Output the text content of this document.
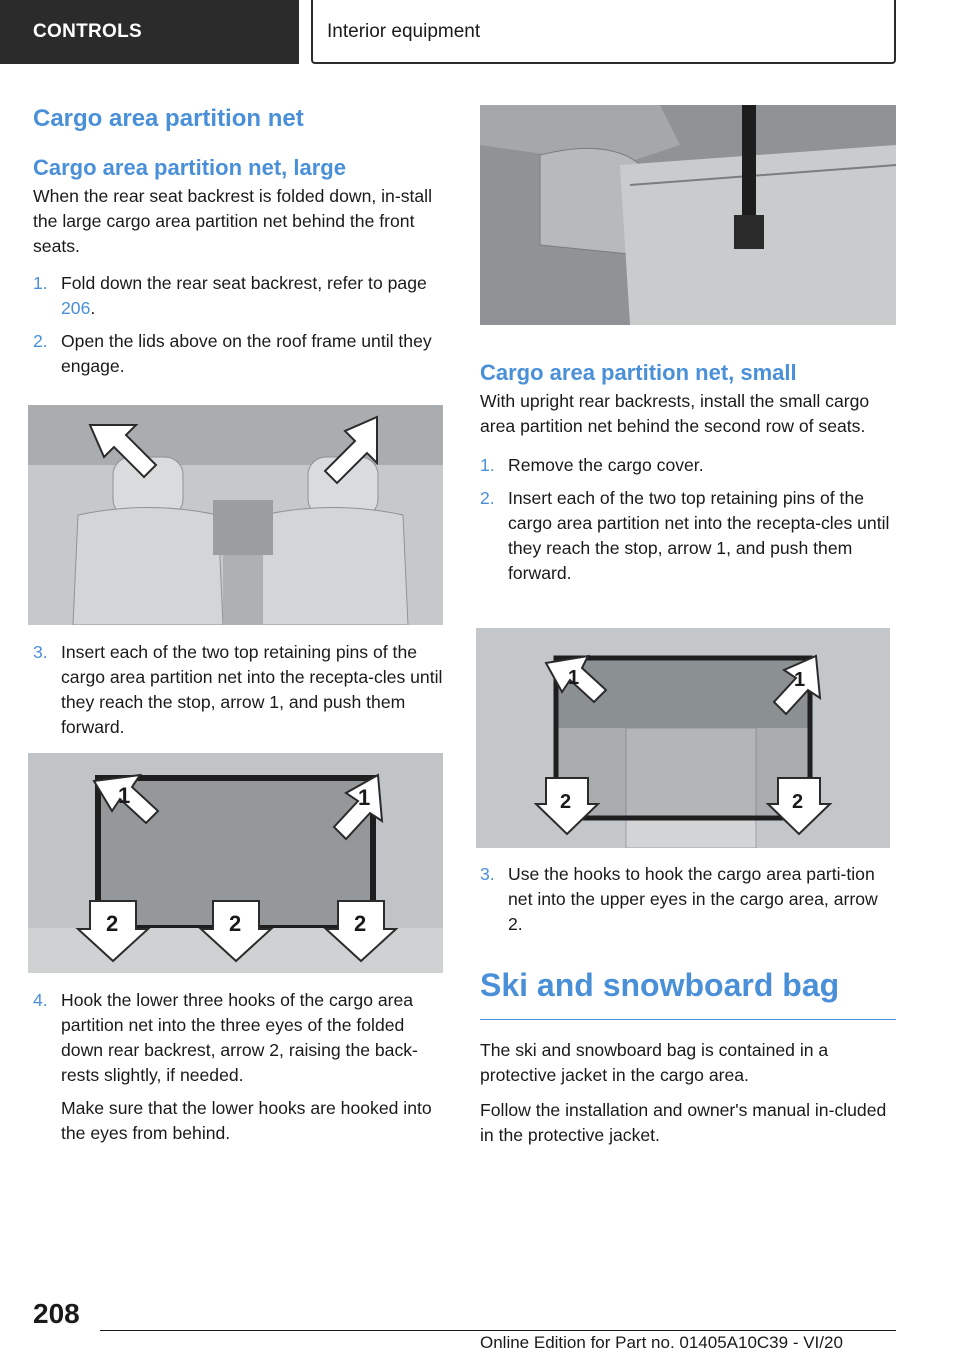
CONTROLS	Interior equipment
Cargo area partition net
Cargo area partition net, large

When the rear seat backrest is folded down, in-stall the large cargo area partition net behind the front seats.

1. Fold down the rear seat backrest, refer to page 206.
2. Open the lids above on the roof frame until they engage.
3. Insert each of the two top retaining pins of the cargo area partition net into the recepta-cles until they reach the stop, arrow 1, and push them forward.
1	1
2	2	2
4. Hook the lower three hooks of the cargo area partition net into the three eyes of the folded down rear backrest, arrow 2, raising the back-rests slightly, if needed.

Make sure that the lower hooks are hooked into the eyes from behind.

Cargo area partition net, small

With upright rear backrests, install the small cargo area partition net behind the second row of seats.

1. Remove the cargo cover.
2. Insert each of the two top retaining pins of the cargo area partition net into the recepta-cles until they reach the stop, arrow 1, and push them forward.
1	1
2	2
3. Use the hooks to hook the cargo area parti-tion net into the upper eyes in the cargo area, arrow 2.
Ski and snowboard bag

The ski and snowboard bag is contained in a protective jacket in the cargo area.

Follow the installation and owner's manual in-cluded in the protective jacket.

208
Online Edition for Part no. 01405A10C39 - VI/20
